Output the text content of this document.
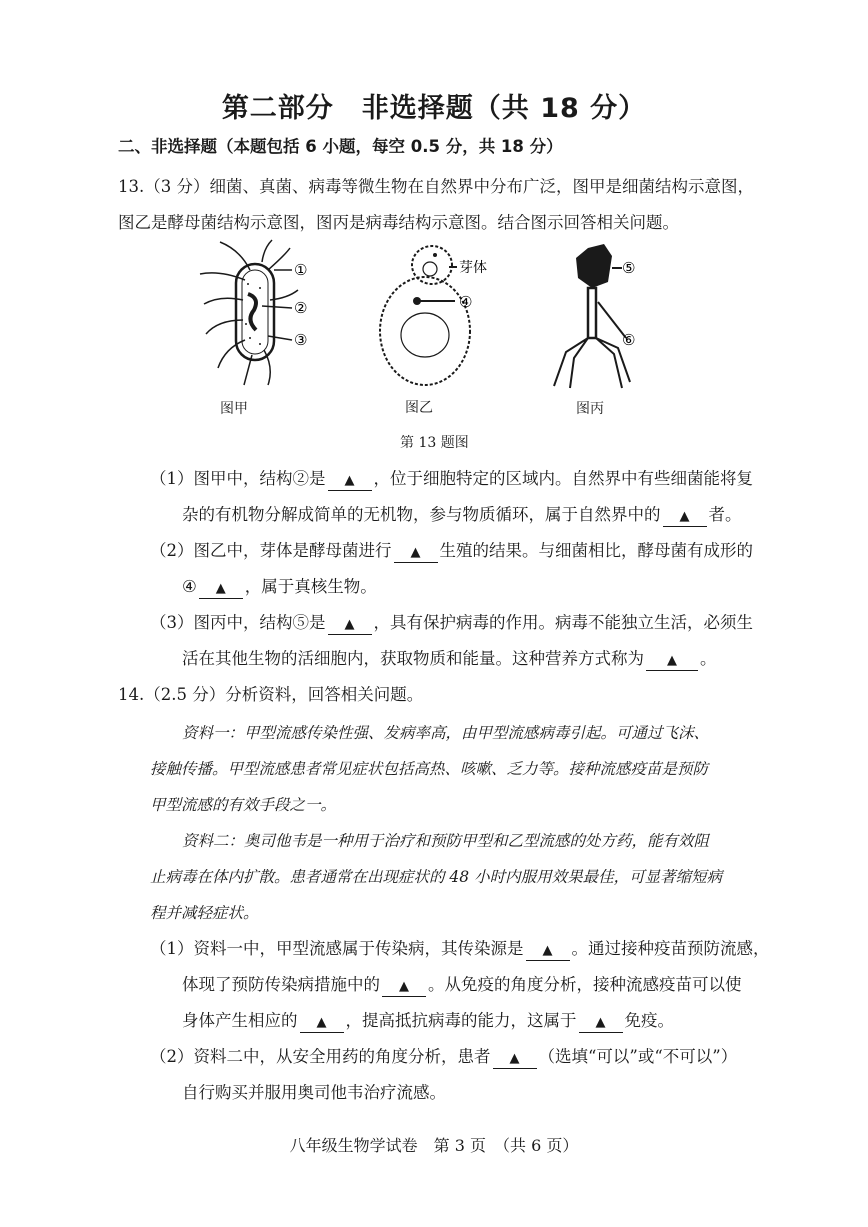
第二部分　非选择题（共 18 分）
二、非选择题（本题包括 6 小题，每空 0.5 分，共 18 分）
13.（3 分）细菌、真菌、病毒等微生物在自然界中分布广泛，图甲是细菌结构示意图，
图乙是酵母菌结构示意图，图丙是病毒结构示意图。结合图示回答相关问题。
①
②
③
图甲
芽体
④
图乙
⑤
⑥
图丙
第 13 题图
（1）图甲中，结构②是 ▲ ，位于细胞特定的区域内。自然界中有些细菌能将复
杂的有机物分解成简单的无机物，参与物质循环，属于自然界中的 ▲ 者。
（2）图乙中，芽体是酵母菌进行 ▲ 生殖的结果。与细菌相比，酵母菌有成形的
④ ▲ ，属于真核生物。
（3）图丙中，结构⑤是 ▲ ，具有保护病毒的作用。病毒不能独立生活，必须生
活在其他生物的活细胞内，获取物质和能量。这种营养方式称为 ▲ 。
14.（2.5 分）分析资料，回答相关问题。
资料一：甲型流感传染性强、发病率高，由甲型流感病毒引起。可通过飞沫、
接触传播。甲型流感患者常见症状包括高热、咳嗽、乏力等。接种流感疫苗是预防
甲型流感的有效手段之一。
资料二：奥司他韦是一种用于治疗和预防甲型和乙型流感的处方药，能有效阻
止病毒在体内扩散。患者通常在出现症状的 48 小时内服用效果最佳，可显著缩短病
程并减轻症状。
（1）资料一中，甲型流感属于传染病，其传染源是 ▲ 。通过接种疫苗预防流感，
体现了预防传染病措施中的 ▲ 。从免疫的角度分析，接种流感疫苗可以使
身体产生相应的 ▲ ，提高抵抗病毒的能力，这属于 ▲ 免疫。
（2）资料二中，从安全用药的角度分析，患者 ▲ （选填“可以”或“不可以”）
自行购买并服用奥司他韦治疗流感。
八年级生物学试卷　第 3 页　（共 6 页）
